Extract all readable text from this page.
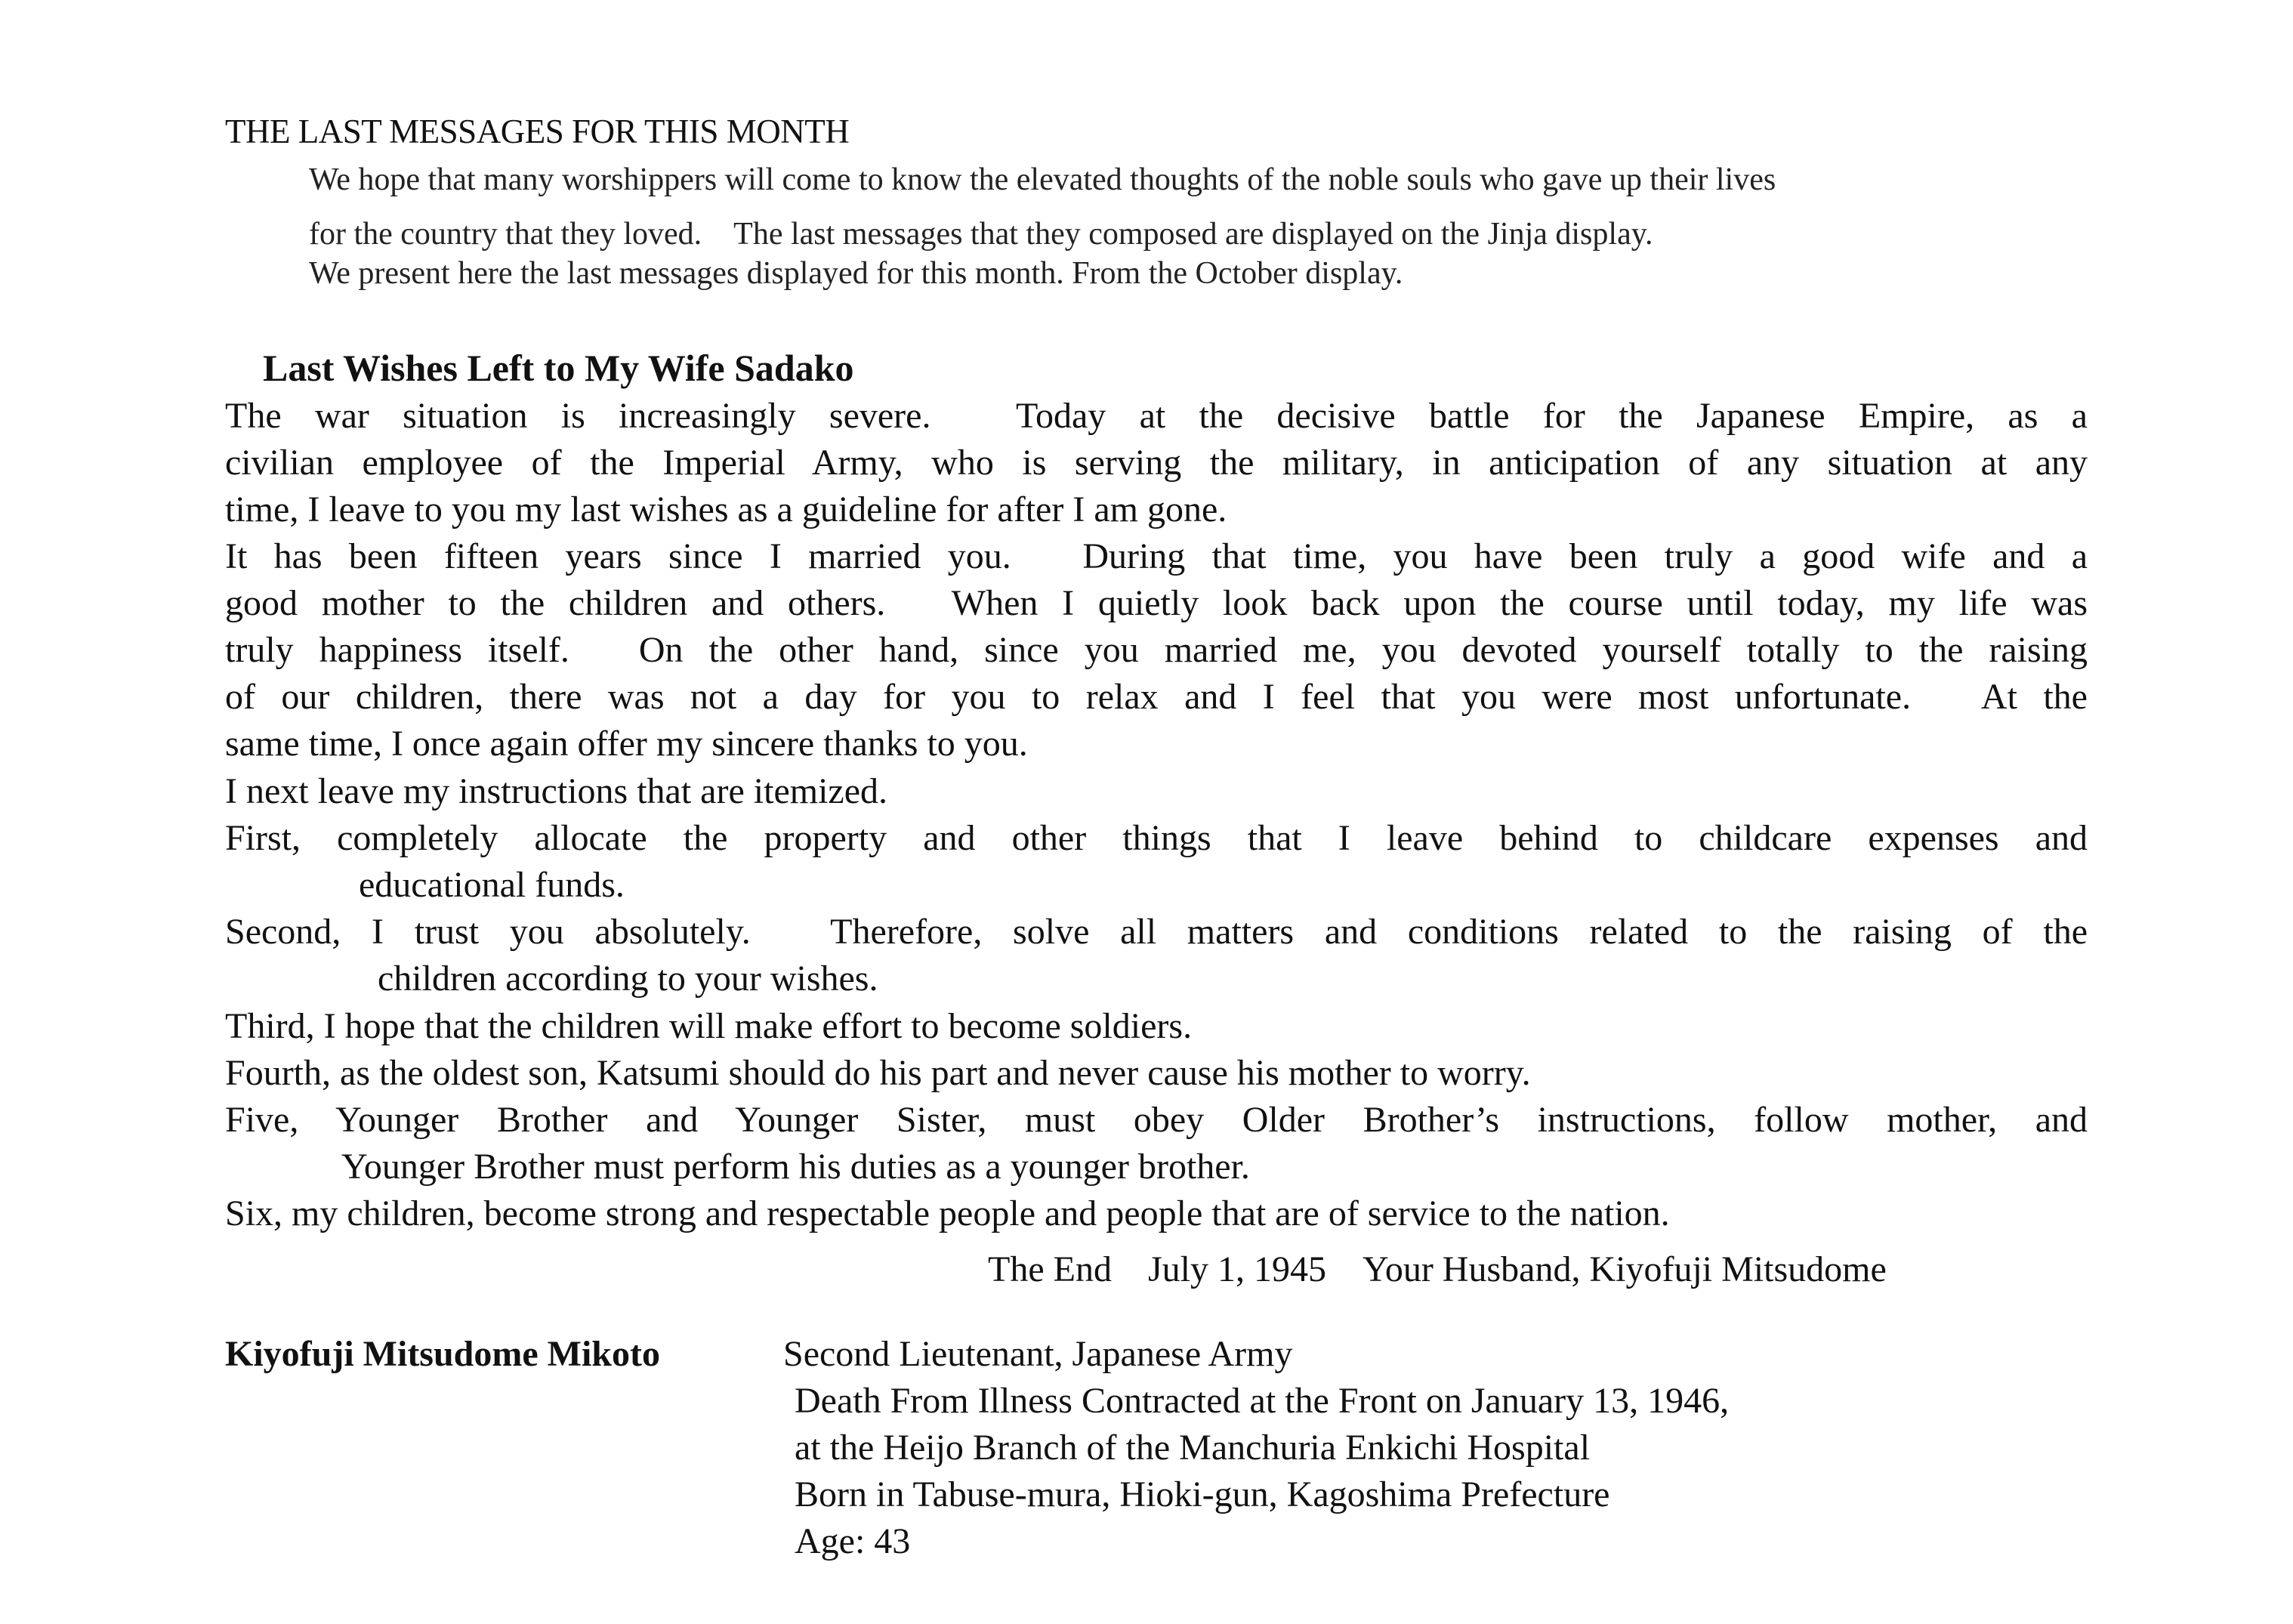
THE LAST MESSAGES FOR THIS MONTH
We hope that many worshippers will come to know the elevated thoughts of the noble souls who gave up their lives
for the country that they loved.　The last messages that they composed are displayed on the Jinja display.
We present here the last messages displayed for this month. From the October display.
Last Wishes Left to My Wife Sadako
The war situation is increasingly severe.　Today at the decisive battle for the Japanese Empire, as a
civilian employee of the Imperial Army, who is serving the military, in anticipation of any situation at any
time, I leave to you my last wishes as a guideline for after I am gone.
It has been fifteen years since I married you.　During that time, you have been truly a good wife and a
good mother to the children and others.　When I quietly look back upon the course until today, my life was
truly happiness itself.　On the other hand, since you married me, you devoted yourself totally to the raising
of our children, there was not a day for you to relax and I feel that you were most unfortunate.　At the
same time, I once again offer my sincere thanks to you.
I next leave my instructions that are itemized.
First, completely allocate the property and other things that I leave behind to childcare expenses and
educational funds.
Second, I trust you absolutely.　Therefore, solve all matters and conditions related to the raising of the
children according to your wishes.
Third, I hope that the children will make effort to become soldiers.
Fourth, as the oldest son, Katsumi should do his part and never cause his mother to worry.
Five, Younger Brother and Younger Sister, must obey Older Brother’s instructions, follow mother, and
Younger Brother must perform his duties as a younger brother.
Six, my children, become strong and respectable people and people that are of service to the nation.
The End　July 1, 1945　Your Husband, Kiyofuji Mitsudome
Kiyofuji Mitsudome Mikoto	Second Lieutenant, Japanese Army
Death From Illness Contracted at the Front on January 13, 1946,
at the Heijo Branch of the Manchuria Enkichi Hospital
Born in Tabuse-mura, Hioki-gun, Kagoshima Prefecture
Age: 43
